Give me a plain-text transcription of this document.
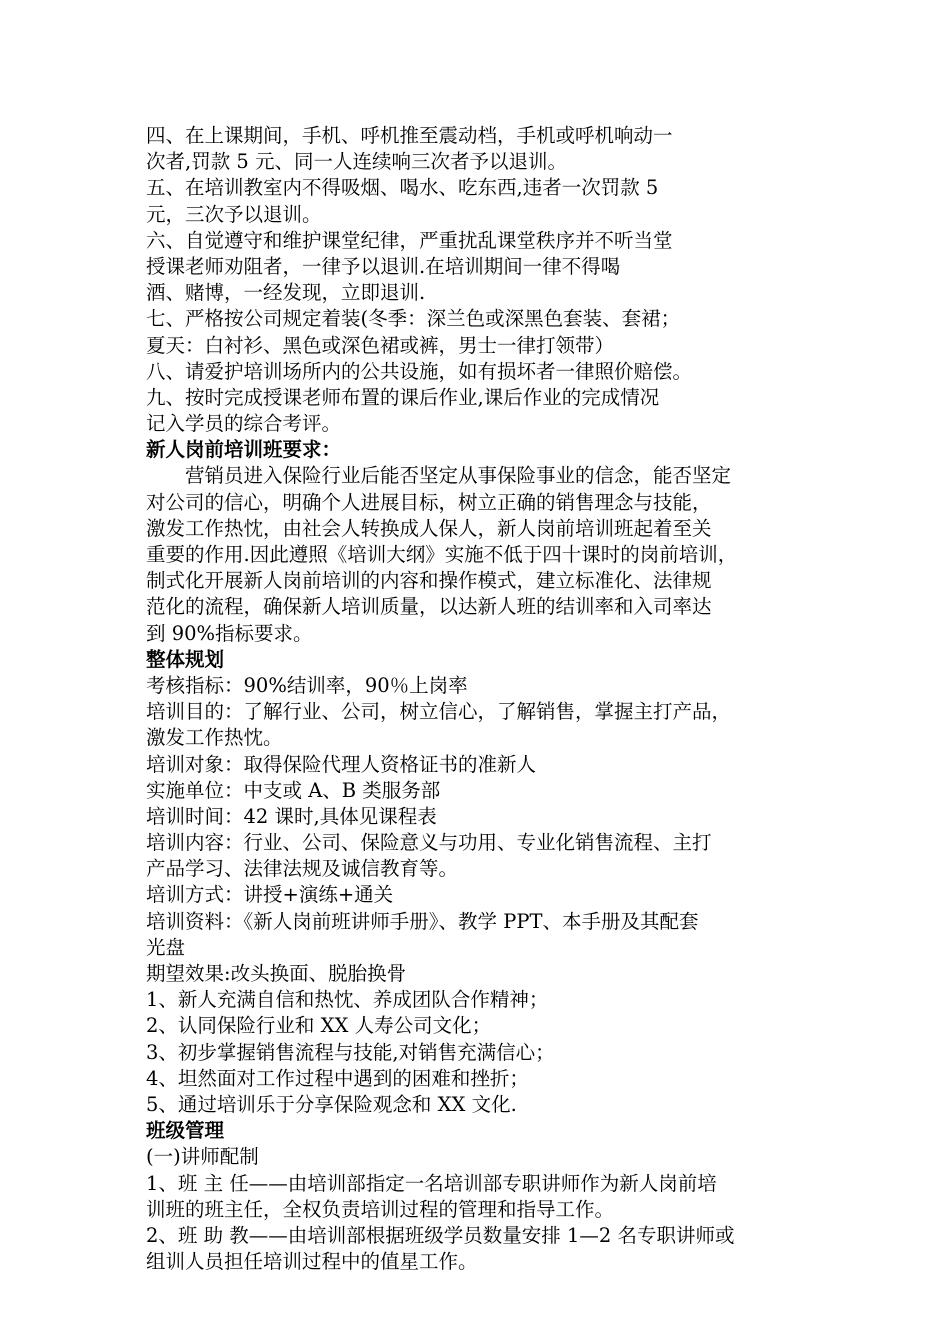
四、在上课期间，手机、呼机推至震动档，手机或呼机响动一
次者,罚款 5 元、同一人连续响三次者予以退训。
五、在培训教室内不得吸烟、喝水、吃东西,违者一次罚款 5
元，三次予以退训。
六、自觉遵守和维护课堂纪律，严重扰乱课堂秩序并不听当堂
授课老师劝阻者，一律予以退训.在培训期间一律不得喝
酒、赌博，一经发现，立即退训.
七、严格按公司规定着装(冬季：深兰色或深黑色套装、套裙；
夏天：白衬衫、黑色或深色裙或裤，男士一律打领带）
八、请爱护培训场所内的公共设施，如有损坏者一律照价赔偿。
九、按时完成授课老师布置的课后作业,课后作业的完成情况
记入学员的综合考评。
新人岗前培训班要求：
营销员进入保险行业后能否坚定从事保险事业的信念，能否坚定
对公司的信心，明确个人进展目标，树立正确的销售理念与技能，
激发工作热忱，由社会人转换成人保人，新人岗前培训班起着至关
重要的作用.因此遵照《培训大纲》实施不低于四十课时的岗前培训，
制式化开展新人岗前培训的内容和操作模式，建立标准化、法律规
范化的流程，确保新人培训质量，以达新人班的结训率和入司率达
到 90%指标要求。
整体规划
考核指标：90%结训率，90％上岗率
培训目的：了解行业、公司，树立信心，了解销售，掌握主打产品，
激发工作热忱。
培训对象：取得保险代理人资格证书的准新人
实施单位：中支或 A、B 类服务部
培训时间：42 课时,具体见课程表
培训内容：行业、公司、保险意义与功用、专业化销售流程、主打
产品学习、法律法规及诚信教育等。
培训方式：讲授+演练+通关
培训资料：《新人岗前班讲师手册》、教学 PPT、本手册及其配套
光盘
期望效果:改头换面、脱胎换骨
1、新人充满自信和热忱、养成团队合作精神；
2、认同保险行业和 XX 人寿公司文化；
3、初步掌握销售流程与技能,对销售充满信心；
4、坦然面对工作过程中遇到的困难和挫折；
5、通过培训乐于分享保险观念和 XX 文化.
班级管理
(一)讲师配制
1、班 主 任——由培训部指定一名培训部专职讲师作为新人岗前培
训班的班主任，全权负责培训过程的管理和指导工作。
2、班 助 教——由培训部根据班级学员数量安排 1—2 名专职讲师或
组训人员担任培训过程中的值星工作。
